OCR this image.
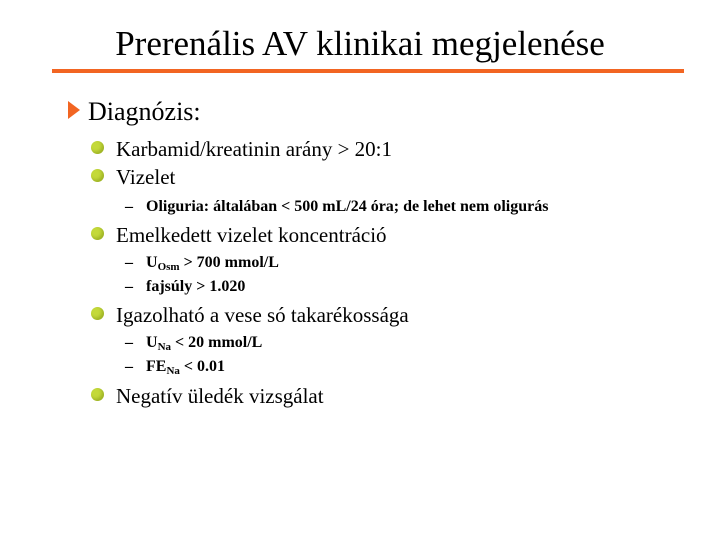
Prerenális AV klinikai megjelenése
Diagnózis:
Karbamid/kreatinin arány > 20:1
Vizelet
– Oliguria: általában < 500 mL/24 óra; de lehet nem oligurás
Emelkedett vizelet koncentráció
– $U_{Osm} > 700$ mmol/L
– fajsúly > 1.020
Igazolható a vese só takarékossága
– $U_{Na} < 20$ mmol/L
– $FE_{Na} < 0.01$
Negatív üledék vizsgálat
